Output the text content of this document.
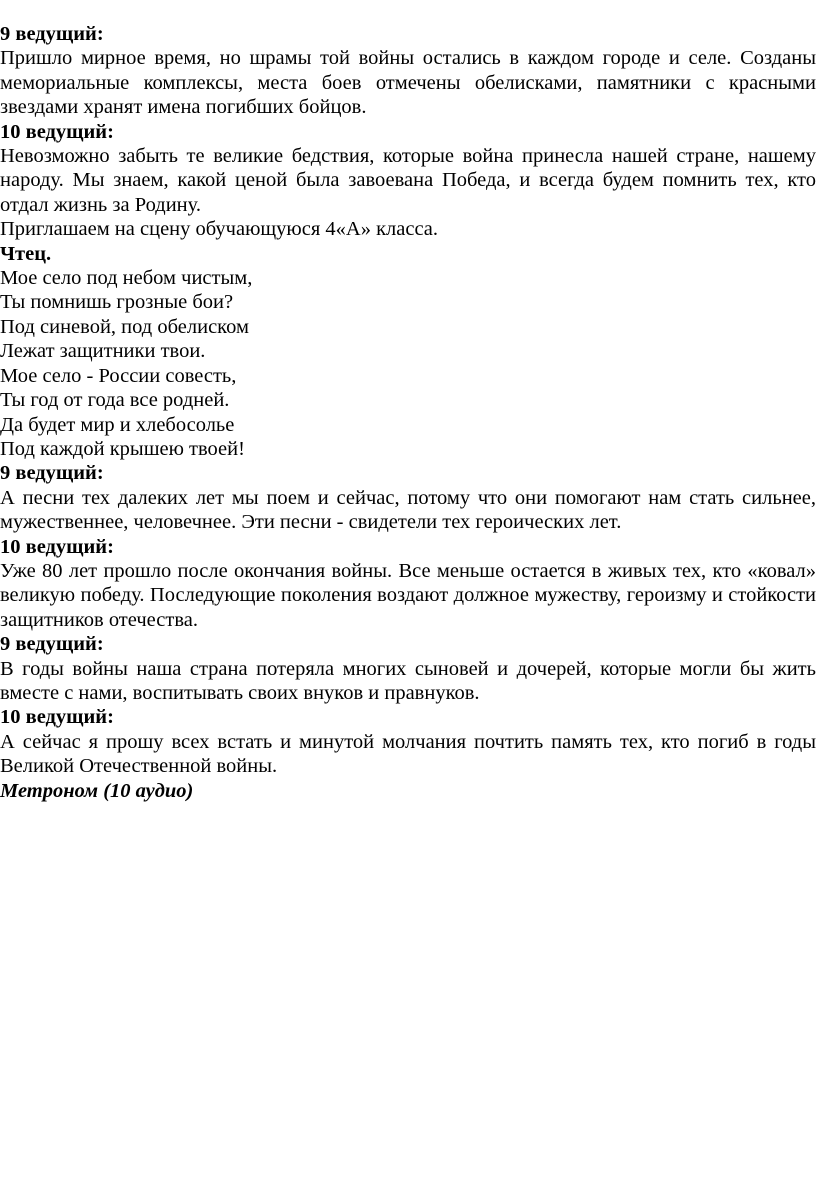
9 ведущий:
Пришло мирное время, но шрамы той войны остались в каждом городе и селе. Созданы мемориальные комплексы, места боев отмечены обелисками, памятники с красными звездами хранят имена погибших бойцов.
10 ведущий:
Невозможно забыть те великие бедствия, которые война принесла нашей стране, нашему народу. Мы знаем, какой ценой была завоевана Победа, и всегда будем помнить тех, кто отдал жизнь за Родину.
Приглашаем на сцену обучающуюся 4«А» класса.
Чтец.
Мое село под небом чистым,
Ты помнишь грозные бои?
Под синевой, под обелиском
Лежат защитники твои.
Мое село - России совесть,
Ты год от года все родней.
Да будет мир и хлебосолье
Под каждой крышею твоей!
9 ведущий:
А песни тех далеких лет мы поем и сейчас, потому что они помогают нам стать сильнее, мужественнее, человечнее. Эти песни - свидетели тех героических лет.
10 ведущий:
Уже 80 лет прошло после окончания войны. Все меньше остается в живых тех, кто «ковал» великую победу. Последующие поколения воздают должное мужеству, героизму и стойкости защитников отечества.
9 ведущий:
В годы войны наша страна потеряла многих сыновей и дочерей, которые могли бы жить вместе с нами, воспитывать своих внуков и правнуков.
10 ведущий:
А сейчас я прошу всех встать и минутой молчания почтить память тех, кто погиб в годы Великой Отечественной войны.
Метроном (10 аудио)
